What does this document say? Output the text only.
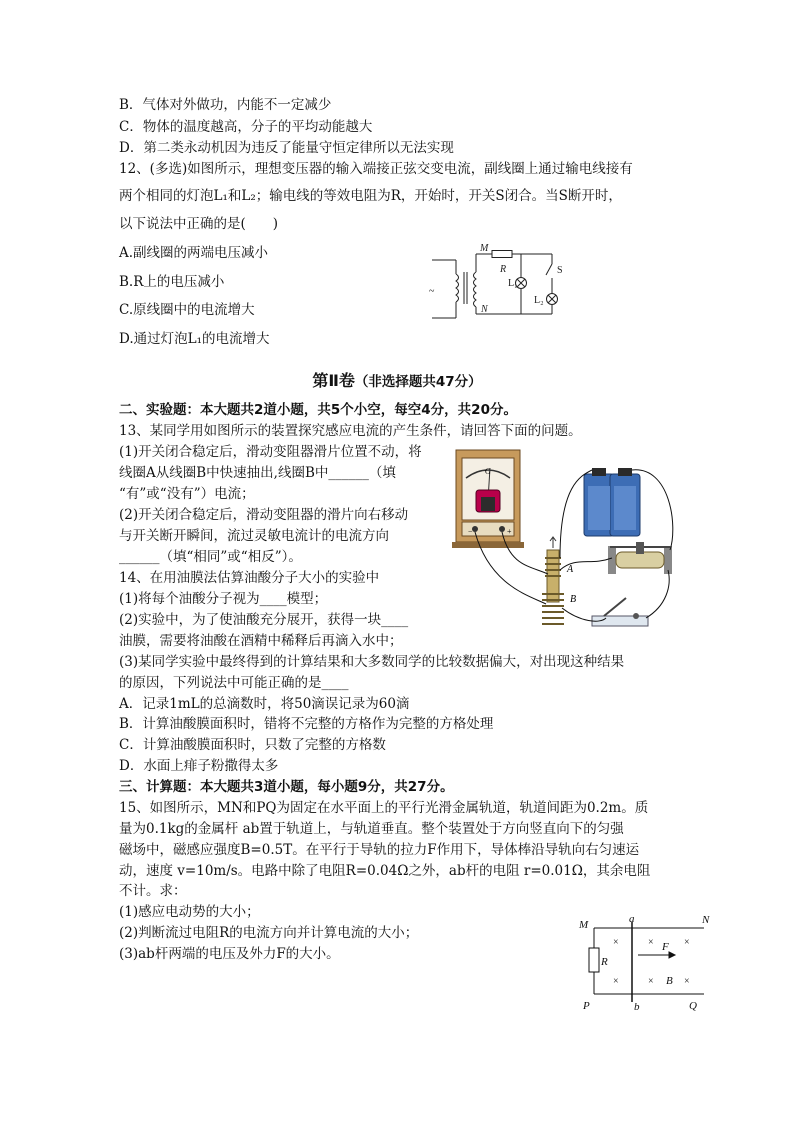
B．气体对外做功，内能不一定减少
C．物体的温度越高，分子的平均动能越大
D．第二类永动机因为违反了能量守恒定律所以无法实现
12、(多选)如图所示，理想变压器的输入端接正弦交变电流，副线圈上通过输电线接有
两个相同的灯泡L₁和L₂；输电线的等效电阻为R，开始时，开关S闭合。当S断开时，
以下说法中正确的是(　　)
A.副线圈的两端电压减小
B.R上的电压减小
C.原线圈中的电流增大
D.通过灯泡L₁的电流增大
~
M
R
N
L₁
S
L₂
第Ⅱ卷（非选择题共47分）
二、实验题：本大题共2道小题，共5个小空，每空4分，共20分。
13、某同学用如图所示的装置探究感应电流的产生条件，请回答下面的问题。
(1)开关闭合稳定后，滑动变阻器滑片位置不动，将
线圈A从线圈B中快速抽出,线圈B中______（填
“有”或“没有”）电流；
(2)开关闭合稳定后，滑动变阻器的滑片向右移动
与开关断开瞬间，流过灵敏电流计的电流方向
______（填“相同”或“相反”）。
−	+
G
A
B
14、在用油膜法估算油酸分子大小的实验中
(1)将每个油酸分子视为____模型；
(2)实验中，为了使油酸充分展开，获得一块____
油膜，需要将油酸在酒精中稀释后再滴入水中；
(3)某同学实验中最终得到的计算结果和大多数同学的比较数据偏大，对出现这种结果
的原因，下列说法中可能正确的是____
A．记录1mL的总滴数时，将50滴误记录为60滴
B．计算油酸膜面积时，错将不完整的方格作为完整的方格处理
C．计算油酸膜面积时，只数了完整的方格数
D．水面上痱子粉撒得太多
三、计算题：本大题共3道小题，每小题9分，共27分。
15、如图所示，MN和PQ为固定在水平面上的平行光滑金属轨道，轨道间距为0.2m。质
量为0.1kg的金属杆 ab置于轨道上，与轨道垂直。整个装置处于方向竖直向下的匀强
磁场中，磁感应强度B=0.5T。在平行于导轨的拉力F作用下，导体棒沿导轨向右匀速运
动，速度 v=10m/s。电路中除了电阻R=0.04Ω之外，ab杆的电阻 r=0.01Ω，其余电阻
不计。求：
(1)感应电动势的大小；
(2)判断流过电阻R的电流方向并计算电流的大小；
(3)ab杆两端的电压及外力F的大小。
M	a	N
R
F
B
P	b	Q
×	×	×
×	×	×
